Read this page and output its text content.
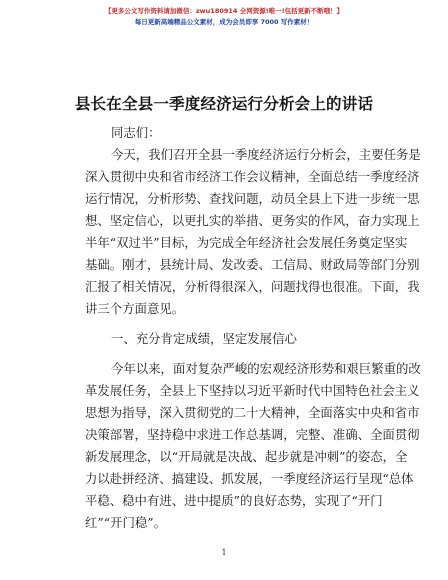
【更多公文写作资料请加微信：zwu180914 全网资源!唯一!包括更新不断哦！】
每日更新高端精品公文素材，成为会员即享 7000 写作素材！
县长在全县一季度经济运行分析会上的讲话
同志们：
今天，我们召开全县一季度经济运行分析会，主要任务是
深入贯彻中央和省市经济工作会议精神，全面总结一季度经济
运行情况，分析形势、查找问题，动员全县上下进一步统一思
想、坚定信心，以更扎实的举措、更务实的作风，奋力实现上
半年“双过半”目标，为完成全年经济社会发展任务奠定坚实
基础。刚才，县统计局、发改委、工信局、财政局等部门分别
汇报了相关情况，分析得很深入，问题找得也很准。下面，我
讲三个方面意见。
一、充分肯定成绩，坚定发展信心
今年以来，面对复杂严峻的宏观经济形势和艰巨繁重的改
革发展任务，全县上下坚持以习近平新时代中国特色社会主义
思想为指导，深入贯彻党的二十大精神，全面落实中央和省市
决策部署，坚持稳中求进工作总基调，完整、准确、全面贯彻
新发展理念，以“开局就是决战、起步就是冲刺”的姿态，全
力以赴拼经济、搞建设、抓发展，一季度经济运行呈现“总体
平稳、稳中有进、进中提质”的良好态势，实现了“开门
红”“开门稳”。
1
